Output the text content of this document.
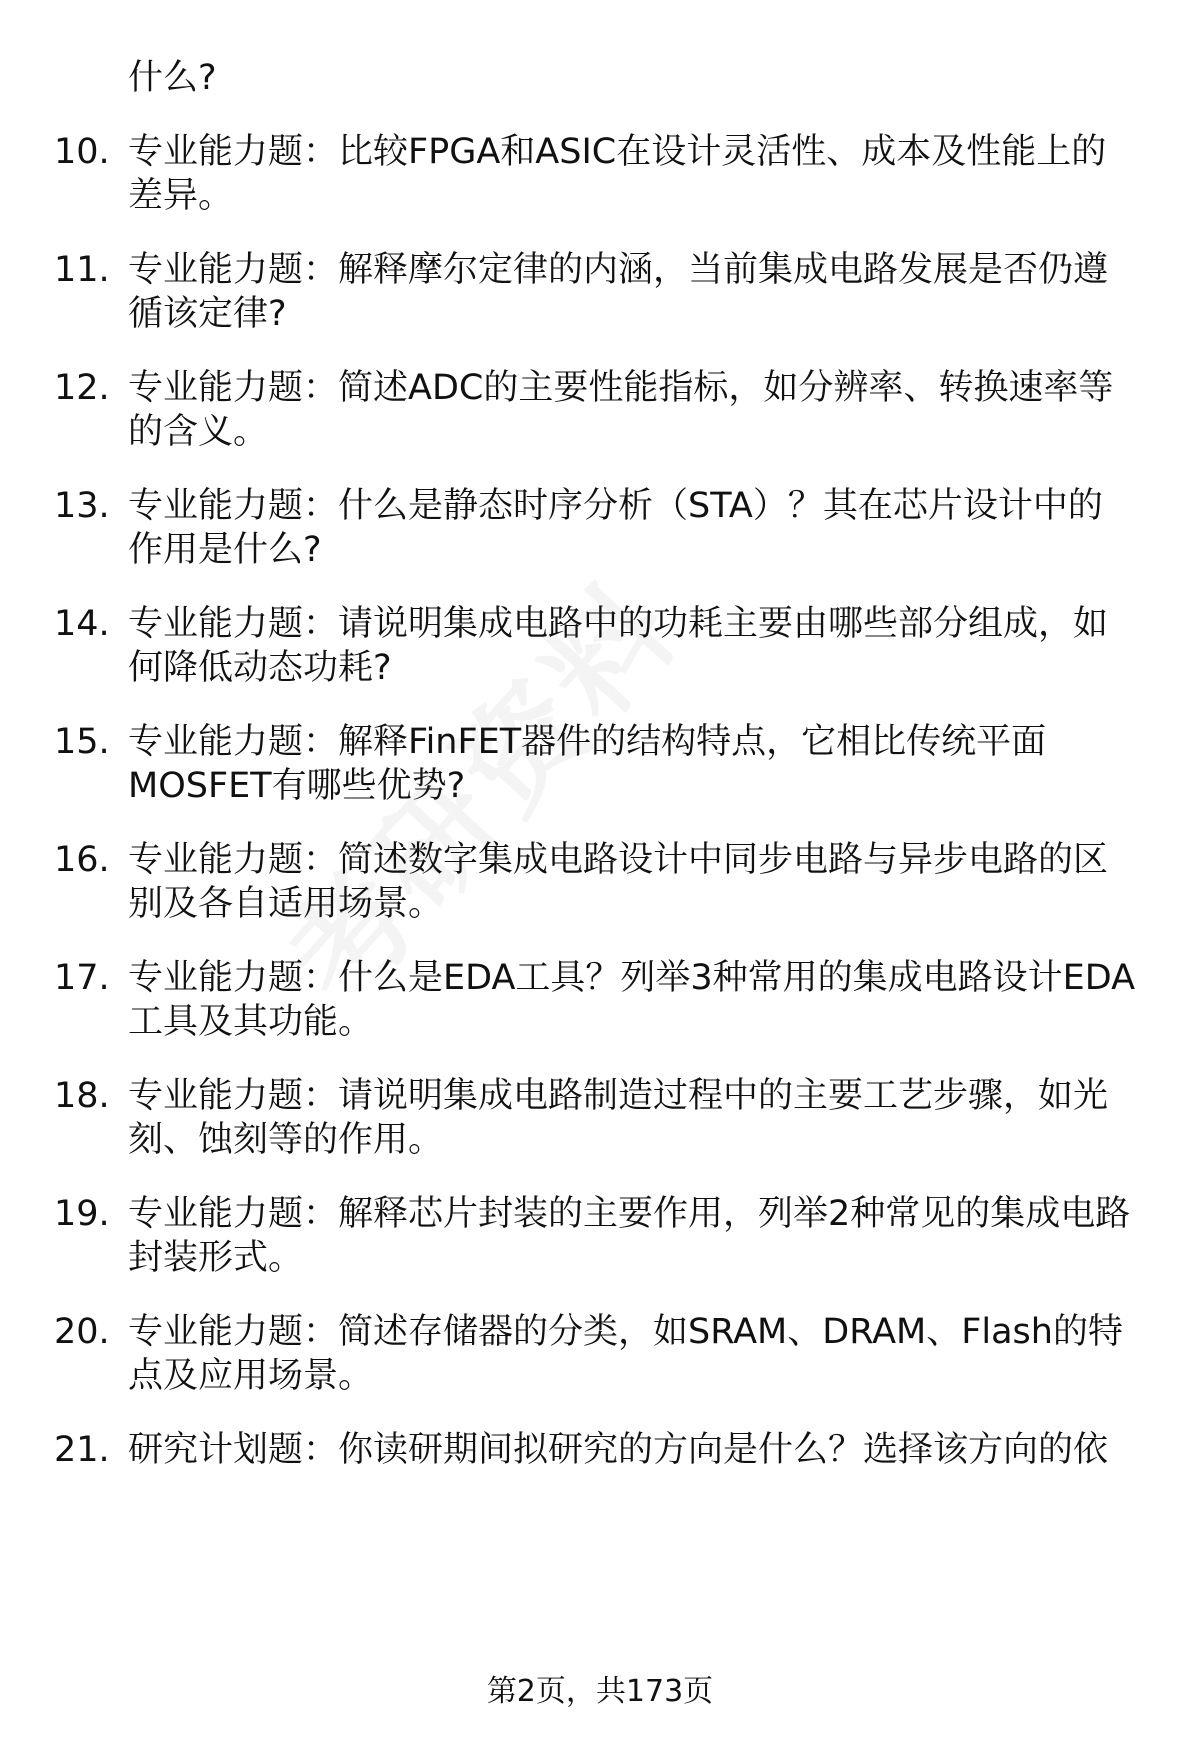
什么?
10. 专业能力题：比较FPGA和ASIC在设计灵活性、成本及性能上的
差异。
11. 专业能力题：解释摩尔定律的内涵，当前集成电路发展是否仍遵
循该定律?
12. 专业能力题：简述ADC的主要性能指标，如分辨率、转换速率等
的含义。
13. 专业能力题：什么是静态时序分析（STA）？其在芯片设计中的
作用是什么?
14. 专业能力题：请说明集成电路中的功耗主要由哪些部分组成，如
何降低动态功耗?
15. 专业能力题：解释FinFET器件的结构特点，它相比传统平面
MOSFET有哪些优势?
16. 专业能力题：简述数字集成电路设计中同步电路与异步电路的区
别及各自适用场景。
17. 专业能力题：什么是EDA工具？列举3种常用的集成电路设计EDA
工具及其功能。
18. 专业能力题：请说明集成电路制造过程中的主要工艺步骤，如光
刻、蚀刻等的作用。
19. 专业能力题：解释芯片封装的主要作用，列举2种常见的集成电路
封装形式。
20. 专业能力题：简述存储器的分类，如SRAM、DRAM、Flash的特
点及应用场景。
21. 研究计划题：你读研期间拟研究的方向是什么？选择该方向的依
第2页，共173页
